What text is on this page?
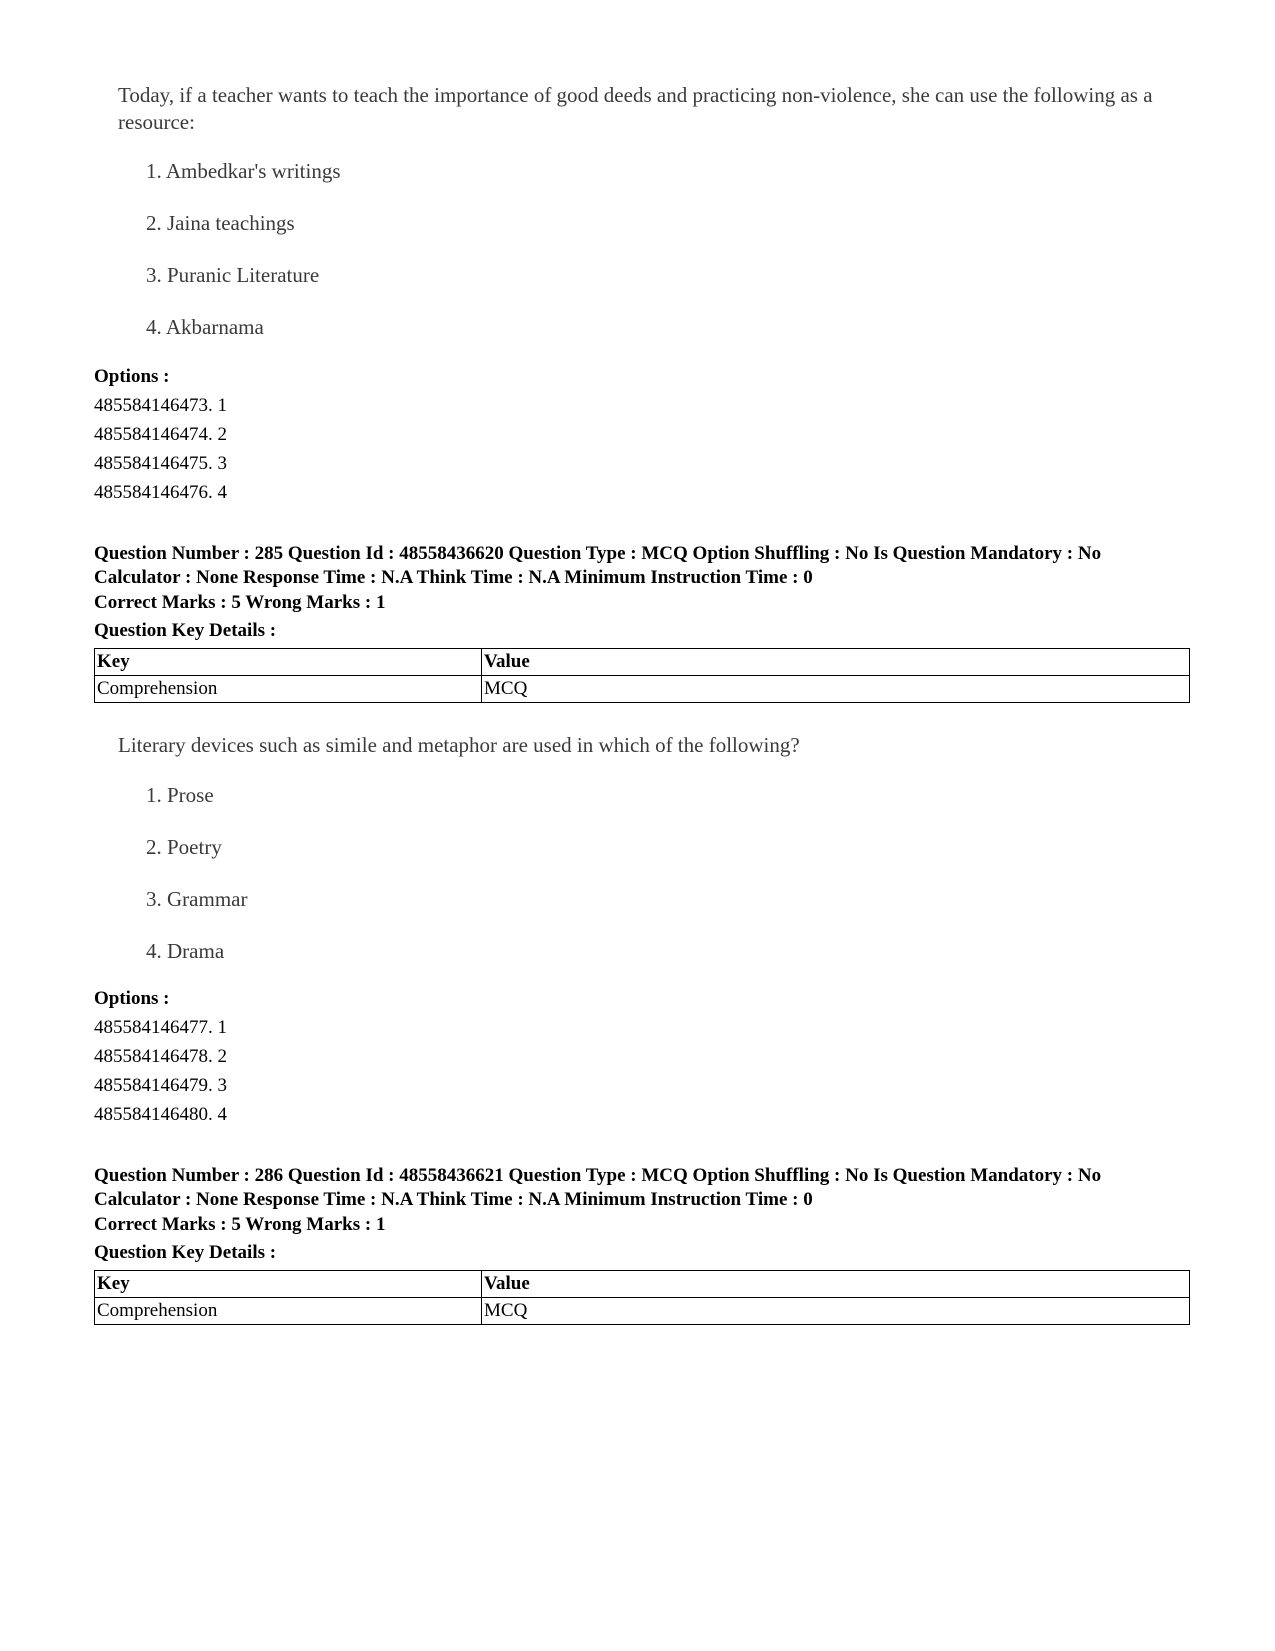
Today, if a teacher wants to teach the importance of good deeds and practicing non-violence, she can use the following as a resource:

1. Ambedkar's writings
2. Jaina teachings
3. Puranic Literature
4. Akbarnama
Options :
485584146473. 1
485584146474. 2
485584146475. 3
485584146476. 4
Question Number : 285 Question Id : 48558436620 Question Type : MCQ Option Shuffling : No Is Question Mandatory : No Calculator : None Response Time : N.A Think Time : N.A Minimum Instruction Time : 0
Correct Marks : 5 Wrong Marks : 1
Question Key Details :
Key	Value
Comprehension	MCQ

Literary devices such as simile and metaphor are used in which of the following?

1. Prose
2. Poetry
3. Grammar
4. Drama
Options :
485584146477. 1
485584146478. 2
485584146479. 3
485584146480. 4
Question Number : 286 Question Id : 48558436621 Question Type : MCQ Option Shuffling : No Is Question Mandatory : No Calculator : None Response Time : N.A Think Time : N.A Minimum Instruction Time : 0
Correct Marks : 5 Wrong Marks : 1
Question Key Details :
Key	Value
Comprehension	MCQ
